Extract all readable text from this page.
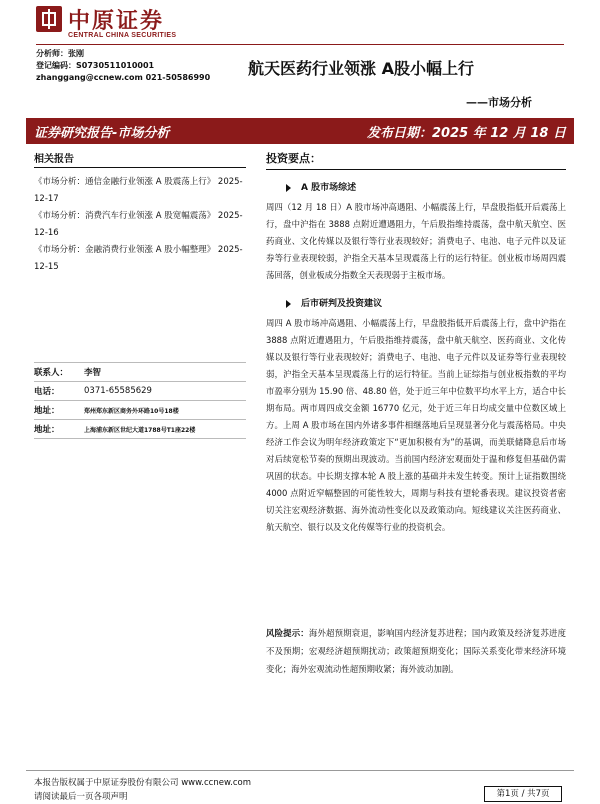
中原证券
CENTRAL CHINA SECURITIES
分析师：张刚
登记编码：S0730511010001
zhanggang@ccnew.com 021-50586990 航天医药行业领涨 A股小幅上行
——市场分析
证券研究报告-市场分析	发布日期：2025 年 12 月 18 日
相关报告
《市场分析：通信金融行业领涨 A 股震荡上行》 2025-12-17
《市场分析：消费汽车行业领涨 A 股宽幅震荡》 2025-12-16
《市场分析：金融消费行业领涨 A 股小幅整理》 2025-12-15
联系人：	李智
电话：	0371-65585629
地址：	郑州郑东新区商务外环路10号18楼
地址：	上海浦东新区世纪大道1788号T1座22楼
投资要点：
A 股市场综述

周四（12 月 18 日）A 股市场冲高遇阻、小幅震荡上行，早盘股指低开后震荡上行，盘中沪指在 3888 点附近遭遇阻力，午后股指维持震荡，盘中航天航空、医药商业、文化传媒以及银行等行业表现较好；消费电子、电池、电子元件以及证券等行业表现较弱，沪指全天基本呈现震荡上行的运行特征。创业板市场周四震荡回落，创业板成分指数全天表现弱于主板市场。

后市研判及投资建议

周四 A 股市场冲高遇阻、小幅震荡上行，早盘股指低开后震荡上行，盘中沪指在 3888 点附近遭遇阻力，午后股指维持震荡，盘中航天航空、医药商业、文化传媒以及银行等行业表现较好；消费电子、电池、电子元件以及证券等行业表现较弱，沪指全天基本呈现震荡上行的运行特征。当前上证综指与创业板指数的平均市盈率分别为 15.90 倍、48.80 倍，处于近三年中位数平均水平上方，适合中长期布局。两市周四成交金额 16770 亿元，处于近三年日均成交量中位数区域上方。上周 A 股市场在国内外诸多事件相继落地后呈现显著分化与震荡格局。中央经济工作会议为明年经济政策定下“更加积极有为”的基调，而美联储降息后市场对后续宽松节奏的预期出现波动。当前国内经济宏观面处于温和修复但基础仍需巩固的状态。中长期支撑本轮 A 股上涨的基础并未发生转变。预计上证指数围绕 4000 点附近窄幅整固的可能性较大，周期与科技有望轮番表现。建议投资者密切关注宏观经济数据、海外流动性变化以及政策动向。短线建议关注医药商业、航天航空、银行以及文化传媒等行业的投资机会。

风险提示：海外超预期衰退，影响国内经济复苏进程；国内政策及经济复苏进度不及预期；宏观经济超预期扰动；政策超预期变化；国际关系变化带来经济环境变化；海外宏观流动性超预期收紧；海外波动加剧。
本报告版权属于中原证券股份有限公司 www.ccnew.com
请阅读最后一页各项声明	第1页 / 共7页
